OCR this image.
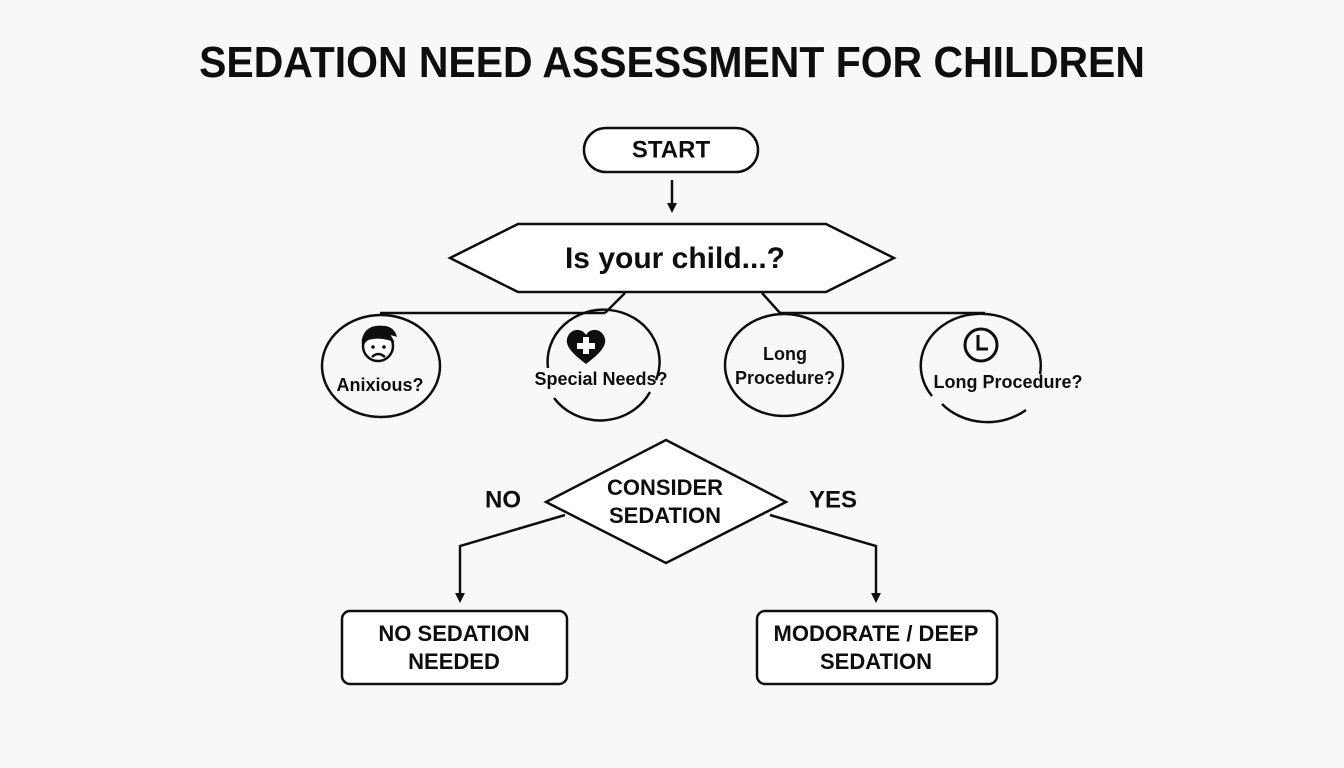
SEDATION NEED ASSESSMENT FOR CHILDREN
START
Is your child...?
Anixious?	Special Needs?
Long
Procedure?	Long Procedure?
CONSIDER
SEDATION
NO	YES
NO SEDATION
NEEDED
MODORATE / DEEP
SEDATION
